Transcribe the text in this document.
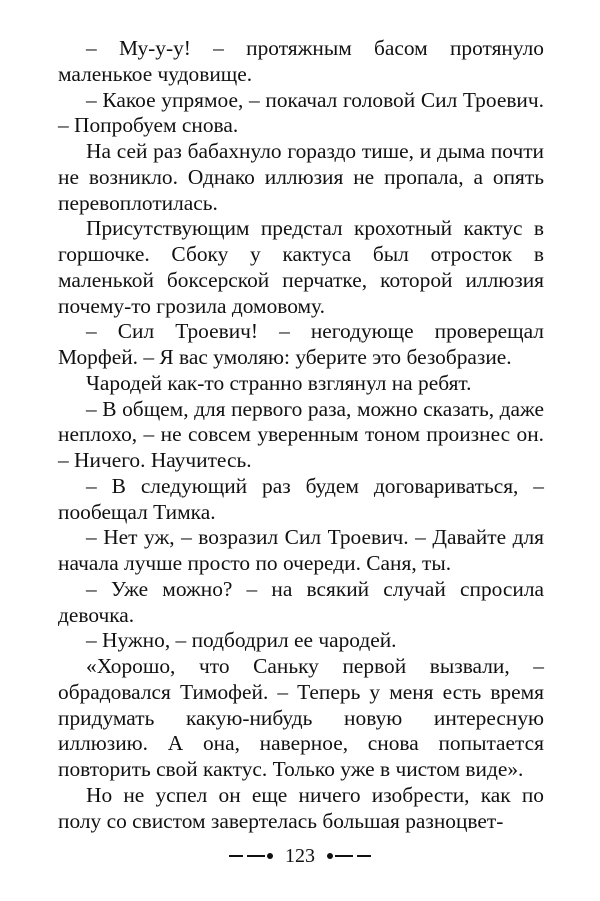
– Му-у-у! – протяжным басом протянуло маленькое чудовище.

– Какое упрямое, – покачал головой Сил Троевич. – Попробуем снова.

На сей раз бабахнуло гораздо тише, и дыма почти не возникло. Однако иллюзия не пропала, а опять перевоплотилась.

Присутствующим предстал крохотный кактус в горшочке. Сбоку у кактуса был отросток в маленькой боксерской перчатке, которой иллюзия почему-то грозила домовому.

– Сил Троевич! – негодующе проверещал Морфей. – Я вас умоляю: уберите это безобразие.

Чародей как-то странно взглянул на ребят.

– В общем, для первого раза, можно сказать, даже неплохо, – не совсем уверенным тоном произнес он. – Ничего. Научитесь.

– В следующий раз будем договариваться, – пообещал Тимка.

– Нет уж, – возразил Сил Троевич. – Давайте для начала лучше просто по очереди. Саня, ты.

– Уже можно? – на всякий случай спросила девочка.

– Нужно, – подбодрил ее чародей.

«Хорошо, что Саньку первой вызвали, – обрадовался Тимофей. – Теперь у меня есть время придумать какую-нибудь новую интересную иллюзию. А она, наверное, снова попытается повторить свой кактус. Только уже в чистом виде».

Но не успел он еще ничего изобрести, как по полу со свистом завертелась большая разноцвет-

123
